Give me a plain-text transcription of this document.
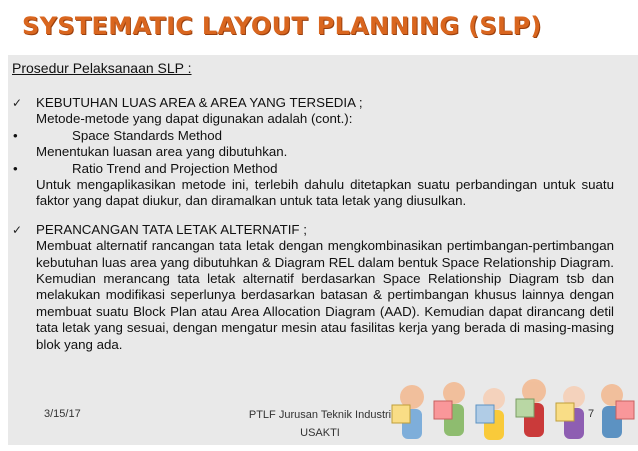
SYSTEMATIC LAYOUT PLANNING (SLP)
Prosedur Pelaksanaan SLP :
✓	KEBUTUHAN LUAS AREA & AREA YANG TERSEDIA ;
Metode-metode yang dapat digunakan adalah (cont.):
•	Space Standards Method
Menentukan luasan area yang dibutuhkan.
•	Ratio Trend and Projection Method
Untuk mengaplikasikan metode ini, terlebih dahulu ditetapkan suatu perbandingan untuk suatu faktor yang dapat diukur, dan diramalkan untuk tata letak yang diusulkan.
✓	PERANCANGAN TATA LETAK ALTERNATIF ;
Membuat alternatif rancangan tata letak dengan mengkombinasikan pertimbangan-pertimbangan kebutuhan luas area yang dibutuhkan & Diagram REL dalam bentuk Space Relationship Diagram. Kemudian merancang tata letak alternatif berdasarkan Space Relationship Diagram tsb dan melakukan modifikasi seperlunya berdasarkan batasan & pertimbangan khusus lainnya dengan membuat suatu Block Plan atau Area Allocation Diagram (AAD). Kemudian dapat dirancang detil tata letak yang sesuai, dengan mengatur mesin atau fasilitas kerja yang berada di masing-masing blok yang ada.
3/15/17	PTLF Jurusan Teknik Industri
USAKTI
7
